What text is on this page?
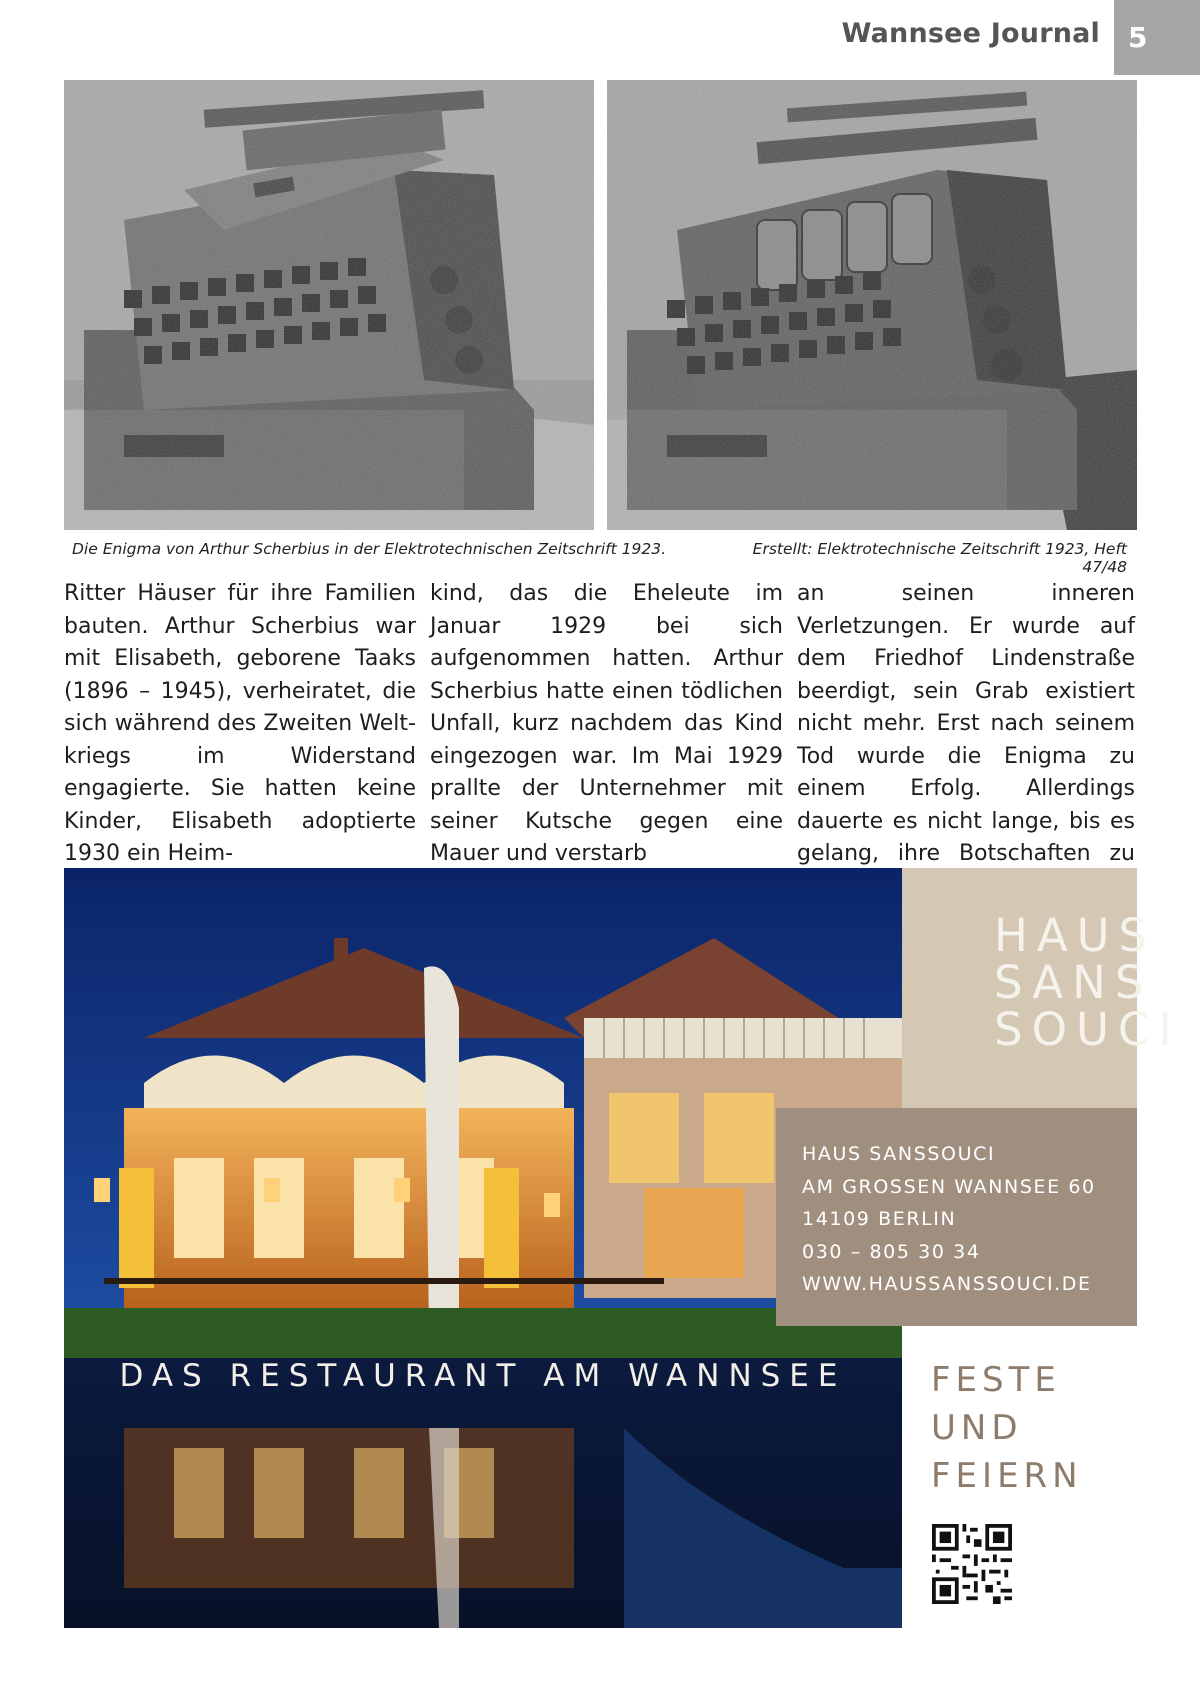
Wannsee Journal	5
Die Enigma von Arthur Scherbius in der Elektrotechnischen Zeitschrift 1923.	Erstellt: Elektrotechnische Zeitschrift 1923, Heft 47/48
Ritter Häuser für ihre Familien bauten. Arthur Scherbius war mit Elisabeth, geborene Taaks (1896 – 1945), verheiratet, die sich während des Zweiten Weltkriegs im Widerstand engagierte. Sie hatten keine Kinder, Elisabeth adoptierte 1930 ein Heim-
kind, das die Eheleute im Januar 1929 bei sich aufgenommen hatten. Arthur Scherbius hatte einen tödlichen Unfall, kurz nachdem das Kind eingezogen war. Im Mai 1929 prallte der Unternehmer mit seiner Kutsche gegen eine Mauer und verstarb
an seinen inneren Verletzungen. Er wurde auf dem Friedhof Lindenstraße beerdigt, sein Grab existiert nicht mehr. Erst nach seinem Tod wurde die Enigma zu einem Erfolg. Allerdings dauerte es nicht lange, bis es gelang, ihre Botschaften zu
DAS RESTAURANT AM WANNSEE
HAUS
SANS
SOUCI
HAUS SANSSOUCI
AM GROSSEN WANNSEE 60
14109 BERLIN
030 – 805 30 34
WWW.HAUSSANSSOUCI.DE
FESTE
UND
FEIERN
